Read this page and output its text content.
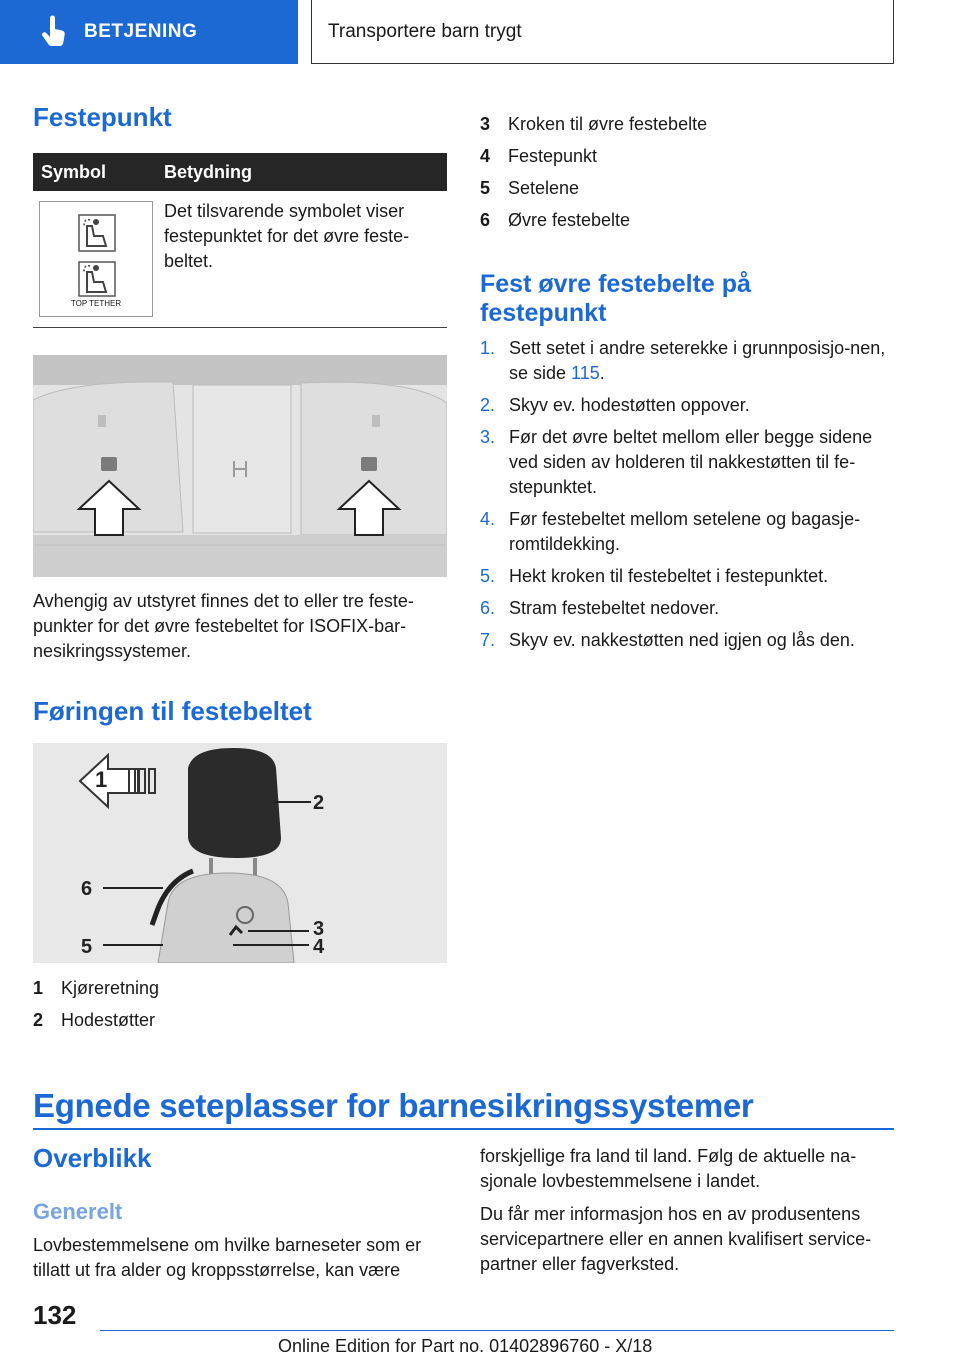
BETJENING	Transportere barn trygt
Festepunkt
Symbol	Betydning
TOP TETHER
Det tilsvarende symbolet viser festepunktet for det øvre feste-beltet.
Avhengig av utstyret finnes det to eller tre feste-punkter for det øvre festebeltet for ISOFIX-bar-nesikringssystemer.
Føringen til festebeltet
1
2
6
3
4
5
1 Kjøreretning
2 Hodestøtter
3 Kroken til øvre festebelte
4 Festepunkt
5 Setelene
6 Øvre festebelte
Fest øvre festebelte på festepunkt
1. Sett setet i andre seterekke i grunnposisjo-nen, se side 115.
2. Skyv ev. hodestøtten oppover.
3. Før det øvre beltet mellom eller begge sidene ved siden av holderen til nakkestøtten til fe-stepunktet.
4. Før festebeltet mellom setelene og bagasje-romtildekking.
5. Hekt kroken til festebeltet i festepunktet.
6. Stram festebeltet nedover.
7. Skyv ev. nakkestøtten ned igjen og lås den.
Egnede seteplasser for barnesikringssystemer
Overblikk
Generelt
Lovbestemmelsene om hvilke barneseter som er tillatt ut fra alder og kroppsstørrelse, kan være
forskjellige fra land til land. Følg de aktuelle na-sjonale lovbestemmelsene i landet.
Du får mer informasjon hos en av produsentens servicepartnere eller en annen kvalifisert service-partner eller fagverksted.
132
Online Edition for Part no. 01402896760 - X/18
